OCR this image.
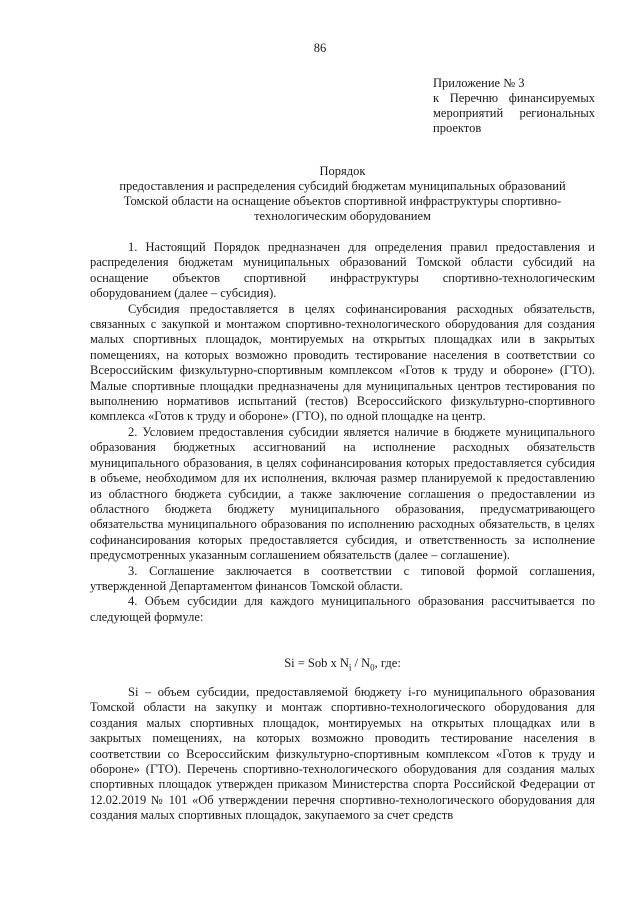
86
Приложение № 3
к Перечню финансируемых
мероприятий региональных
проектов
Порядок
предоставления и распределения субсидий бюджетам муниципальных образований
Томской области на оснащение объектов спортивной инфраструктуры спортивно-
технологическим оборудованием

1. Настоящий Порядок предназначен для определения правил предоставления и распределения бюджетам муниципальных образований Томской области субсидий на оснащение объектов спортивной инфраструктуры спортивно-технологическим оборудованием (далее – субсидия).

Субсидия предоставляется в целях софинансирования расходных обязательств, связанных с закупкой и монтажом спортивно-технологического оборудования для создания малых спортивных площадок, монтируемых на открытых площадках или в закрытых помещениях, на которых возможно проводить тестирование населения в соответствии со Всероссийским физкультурно-спортивным комплексом «Готов к труду и обороне» (ГТО). Малые спортивные площадки предназначены для муниципальных центров тестирования по выполнению нормативов испытаний (тестов) Всероссийского физкультурно-спортивного комплекса «Готов к труду и обороне» (ГТО), по одной площадке на центр.

2. Условием предоставления субсидии является наличие в бюджете муниципального образования бюджетных ассигнований на исполнение расходных обязательств муниципального образования, в целях софинансирования которых предоставляется субсидия в объеме, необходимом для их исполнения, включая размер планируемой к предоставлению из областного бюджета субсидии, а также заключение соглашения о предоставлении из областного бюджета бюджету муниципального образования, предусматривающего обязательства муниципального образования по исполнению расходных обязательств, в целях софинансирования которых предоставляется субсидия, и ответственность за исполнение предусмотренных указанным соглашением обязательств (далее – соглашение).

3. Соглашение заключается в соответствии с типовой формой соглашения, утвержденной Департаментом финансов Томской области.

4. Объем субсидии для каждого муниципального образования рассчитывается по следующей формуле:

Si = Sob x $N_i / N_0$, где:

Si – объем субсидии, предоставляемой бюджету i-го муниципального образования Томской области на закупку и монтаж спортивно-технологического оборудования для создания малых спортивных площадок, монтируемых на открытых площадках или в закрытых помещениях, на которых возможно проводить тестирование населения в соответствии со Всероссийским физкультурно-спортивным комплексом «Готов к труду и обороне» (ГТО). Перечень спортивно-технологического оборудования для создания малых спортивных площадок утвержден приказом Министерства спорта Российской Федерации от 12.02.2019 № 101 «Об утверждении перечня спортивно-технологического оборудования для создания малых спортивных площадок, закупаемого за счет средств
